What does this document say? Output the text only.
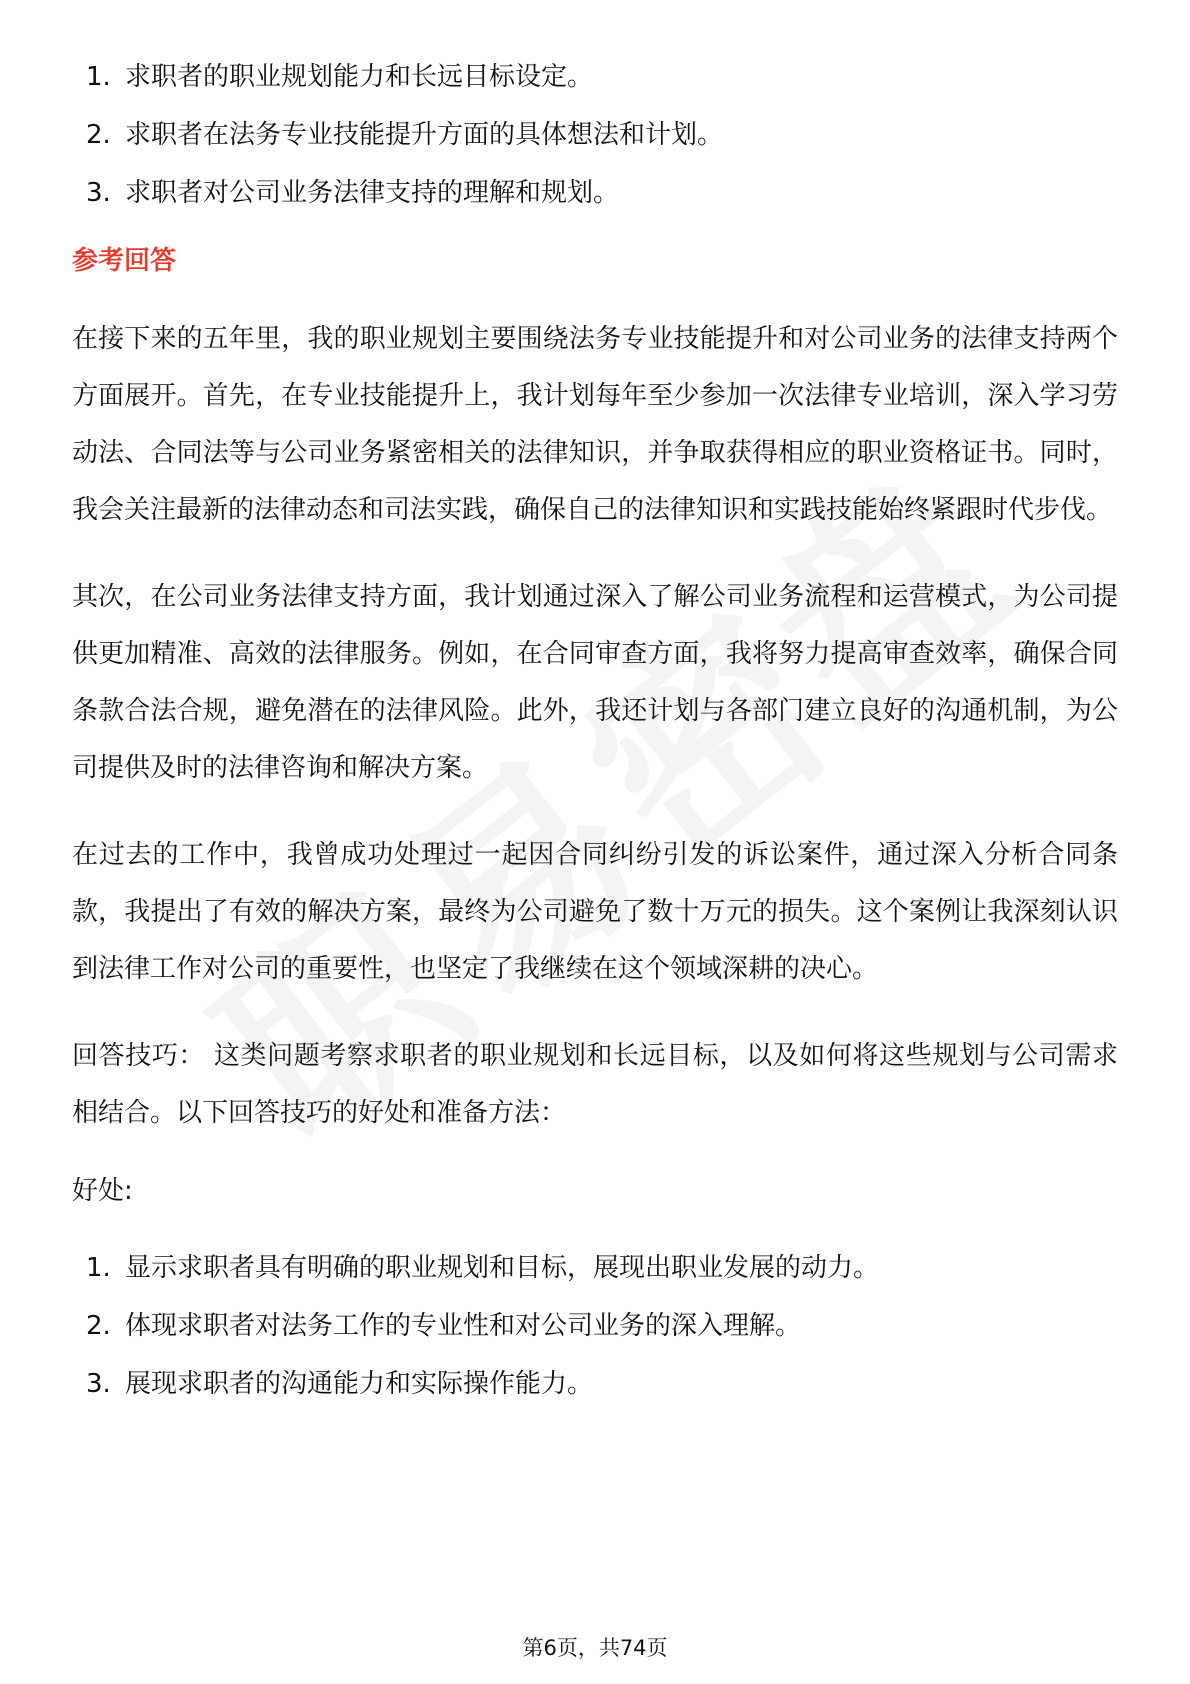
1. 求职者的职业规划能力和长远目标设定。
2. 求职者在法务专业技能提升方面的具体想法和计划。
3. 求职者对公司业务法律支持的理解和规划。
参考回答

在接下来的五年里，我的职业规划主要围绕法务专业技能提升和对公司业务的法律支持两个方面展开。首先，在专业技能提升上，我计划每年至少参加一次法律专业培训，深入学习劳动法、合同法等与公司业务紧密相关的法律知识，并争取获得相应的职业资格证书。同时，我会关注最新的法律动态和司法实践，确保自己的法律知识和实践技能始终紧跟时代步伐。

其次，在公司业务法律支持方面，我计划通过深入了解公司业务流程和运营模式，为公司提供更加精准、高效的法律服务。例如，在合同审查方面，我将努力提高审查效率，确保合同条款合法合规，避免潜在的法律风险。此外，我还计划与各部门建立良好的沟通机制，为公司提供及时的法律咨询和解决方案。

在过去的工作中，我曾成功处理过一起因合同纠纷引发的诉讼案件，通过深入分析合同条款，我提出了有效的解决方案，最终为公司避免了数十万元的损失。这个案例让我深刻认识到法律工作对公司的重要性，也坚定了我继续在这个领域深耕的决心。

回答技巧： 这类问题考察求职者的职业规划和长远目标，以及如何将这些规划与公司需求相结合。以下回答技巧的好处和准备方法：

好处:
1. 显示求职者具有明确的职业规划和目标，展现出职业发展的动力。
2. 体现求职者对法务工作的专业性和对公司业务的深入理解。
3. 展现求职者的沟通能力和实际操作能力。
第6页，共74页
